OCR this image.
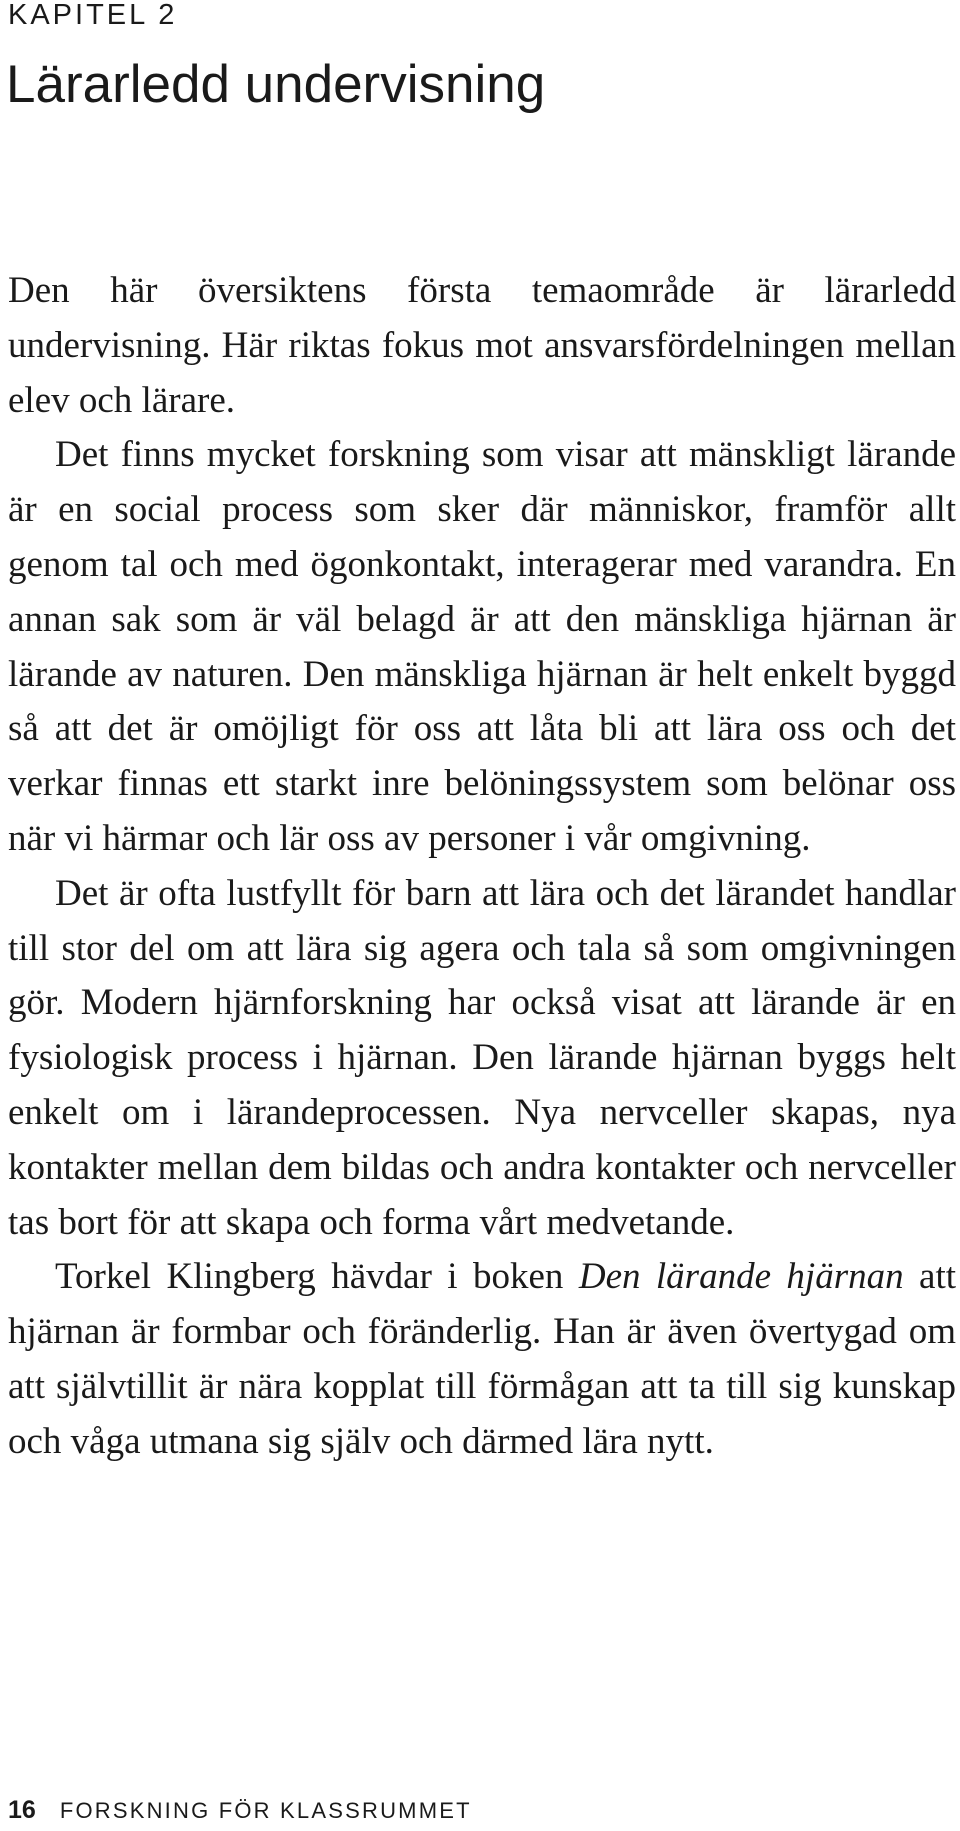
KAPITEL 2
Lärarledd undervisning

Den här översiktens första temaområde är lärarledd undervisning. Här riktas fokus mot ansvarsfördelningen mellan elev och lärare.

Det finns mycket forskning som visar att mänskligt lärande är en social process som sker där människor, framför allt genom tal och med ögonkontakt, interagerar med varandra. En annan sak som är väl belagd är att den mänskliga hjärnan är lärande av naturen. Den mänskliga hjärnan är helt enkelt byggd så att det är omöjligt för oss att låta bli att lära oss och det verkar finnas ett starkt inre belöningssystem som belönar oss när vi härmar och lär oss av personer i vår omgivning.

Det är ofta lustfyllt för barn att lära och det lärandet handlar till stor del om att lära sig agera och tala så som omgivningen gör. Modern hjärnforskning har också visat att lärande är en fysiologisk process i hjärnan. Den lärande hjärnan byggs helt enkelt om i lärandeprocessen. Nya nervceller skapas, nya kontakter mellan dem bildas och andra kontakter och nervceller tas bort för att skapa och forma vårt medvetande.

Torkel Klingberg hävdar i boken Den lärande hjärnan att hjärnan är formbar och föränderlig. Han är även övertygad om att självtillit är nära kopplat till förmågan att ta till sig kunskap och våga utmana sig själv och därmed lära nytt.

16 FORSKNING FÖR KLASSRUMMET
